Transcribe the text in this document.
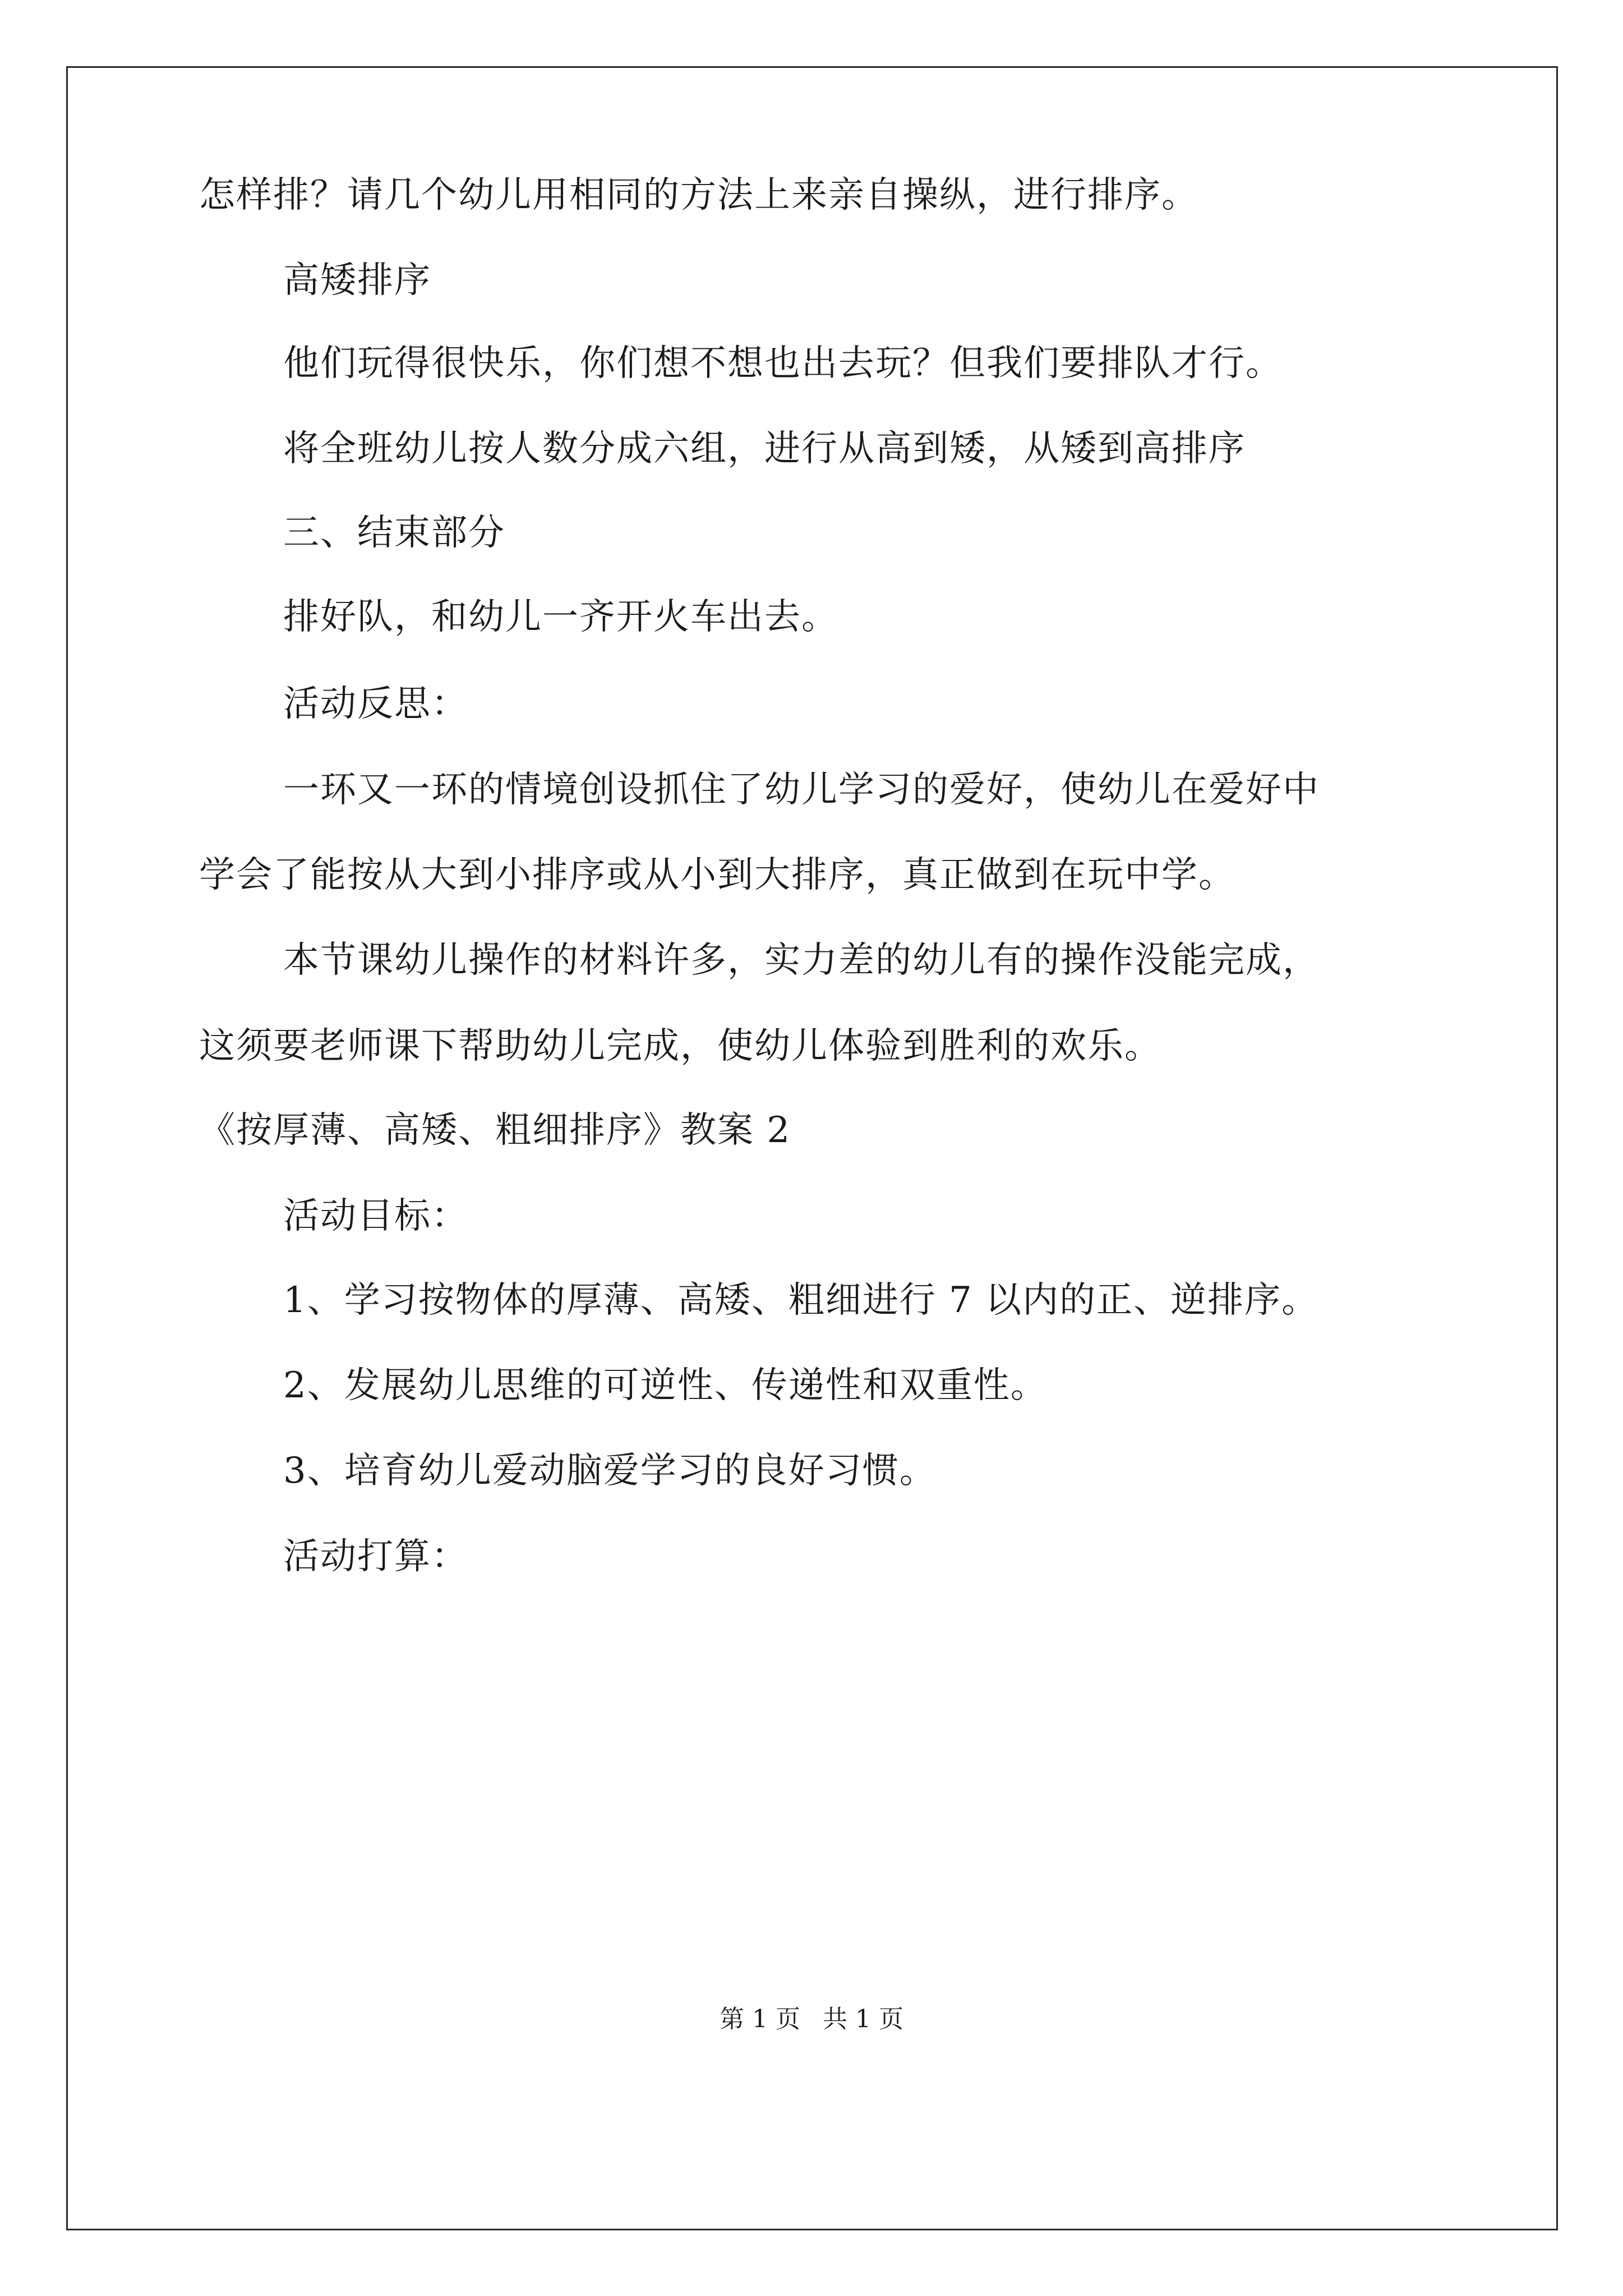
怎样排？请几个幼儿用相同的方法上来亲自操纵，进行排序。
高矮排序
他们玩得很快乐，你们想不想也出去玩？但我们要排队才行。
将全班幼儿按人数分成六组，进行从高到矮，从矮到高排序
三、结束部分
排好队，和幼儿一齐开火车出去。
活动反思：
一环又一环的情境创设抓住了幼儿学习的爱好，使幼儿在爱好中
学会了能按从大到小排序或从小到大排序，真正做到在玩中学。
本节课幼儿操作的材料许多，实力差的幼儿有的操作没能完成，
这须要老师课下帮助幼儿完成，使幼儿体验到胜利的欢乐。
《按厚薄、高矮、粗细排序》教案 2
活动目标：
1、学习按物体的厚薄、高矮、粗细进行 7 以内的正、逆排序。
2、发展幼儿思维的可逆性、传递性和双重性。
3、培育幼儿爱动脑爱学习的良好习惯。
活动打算：
第 1 页 共 1 页
